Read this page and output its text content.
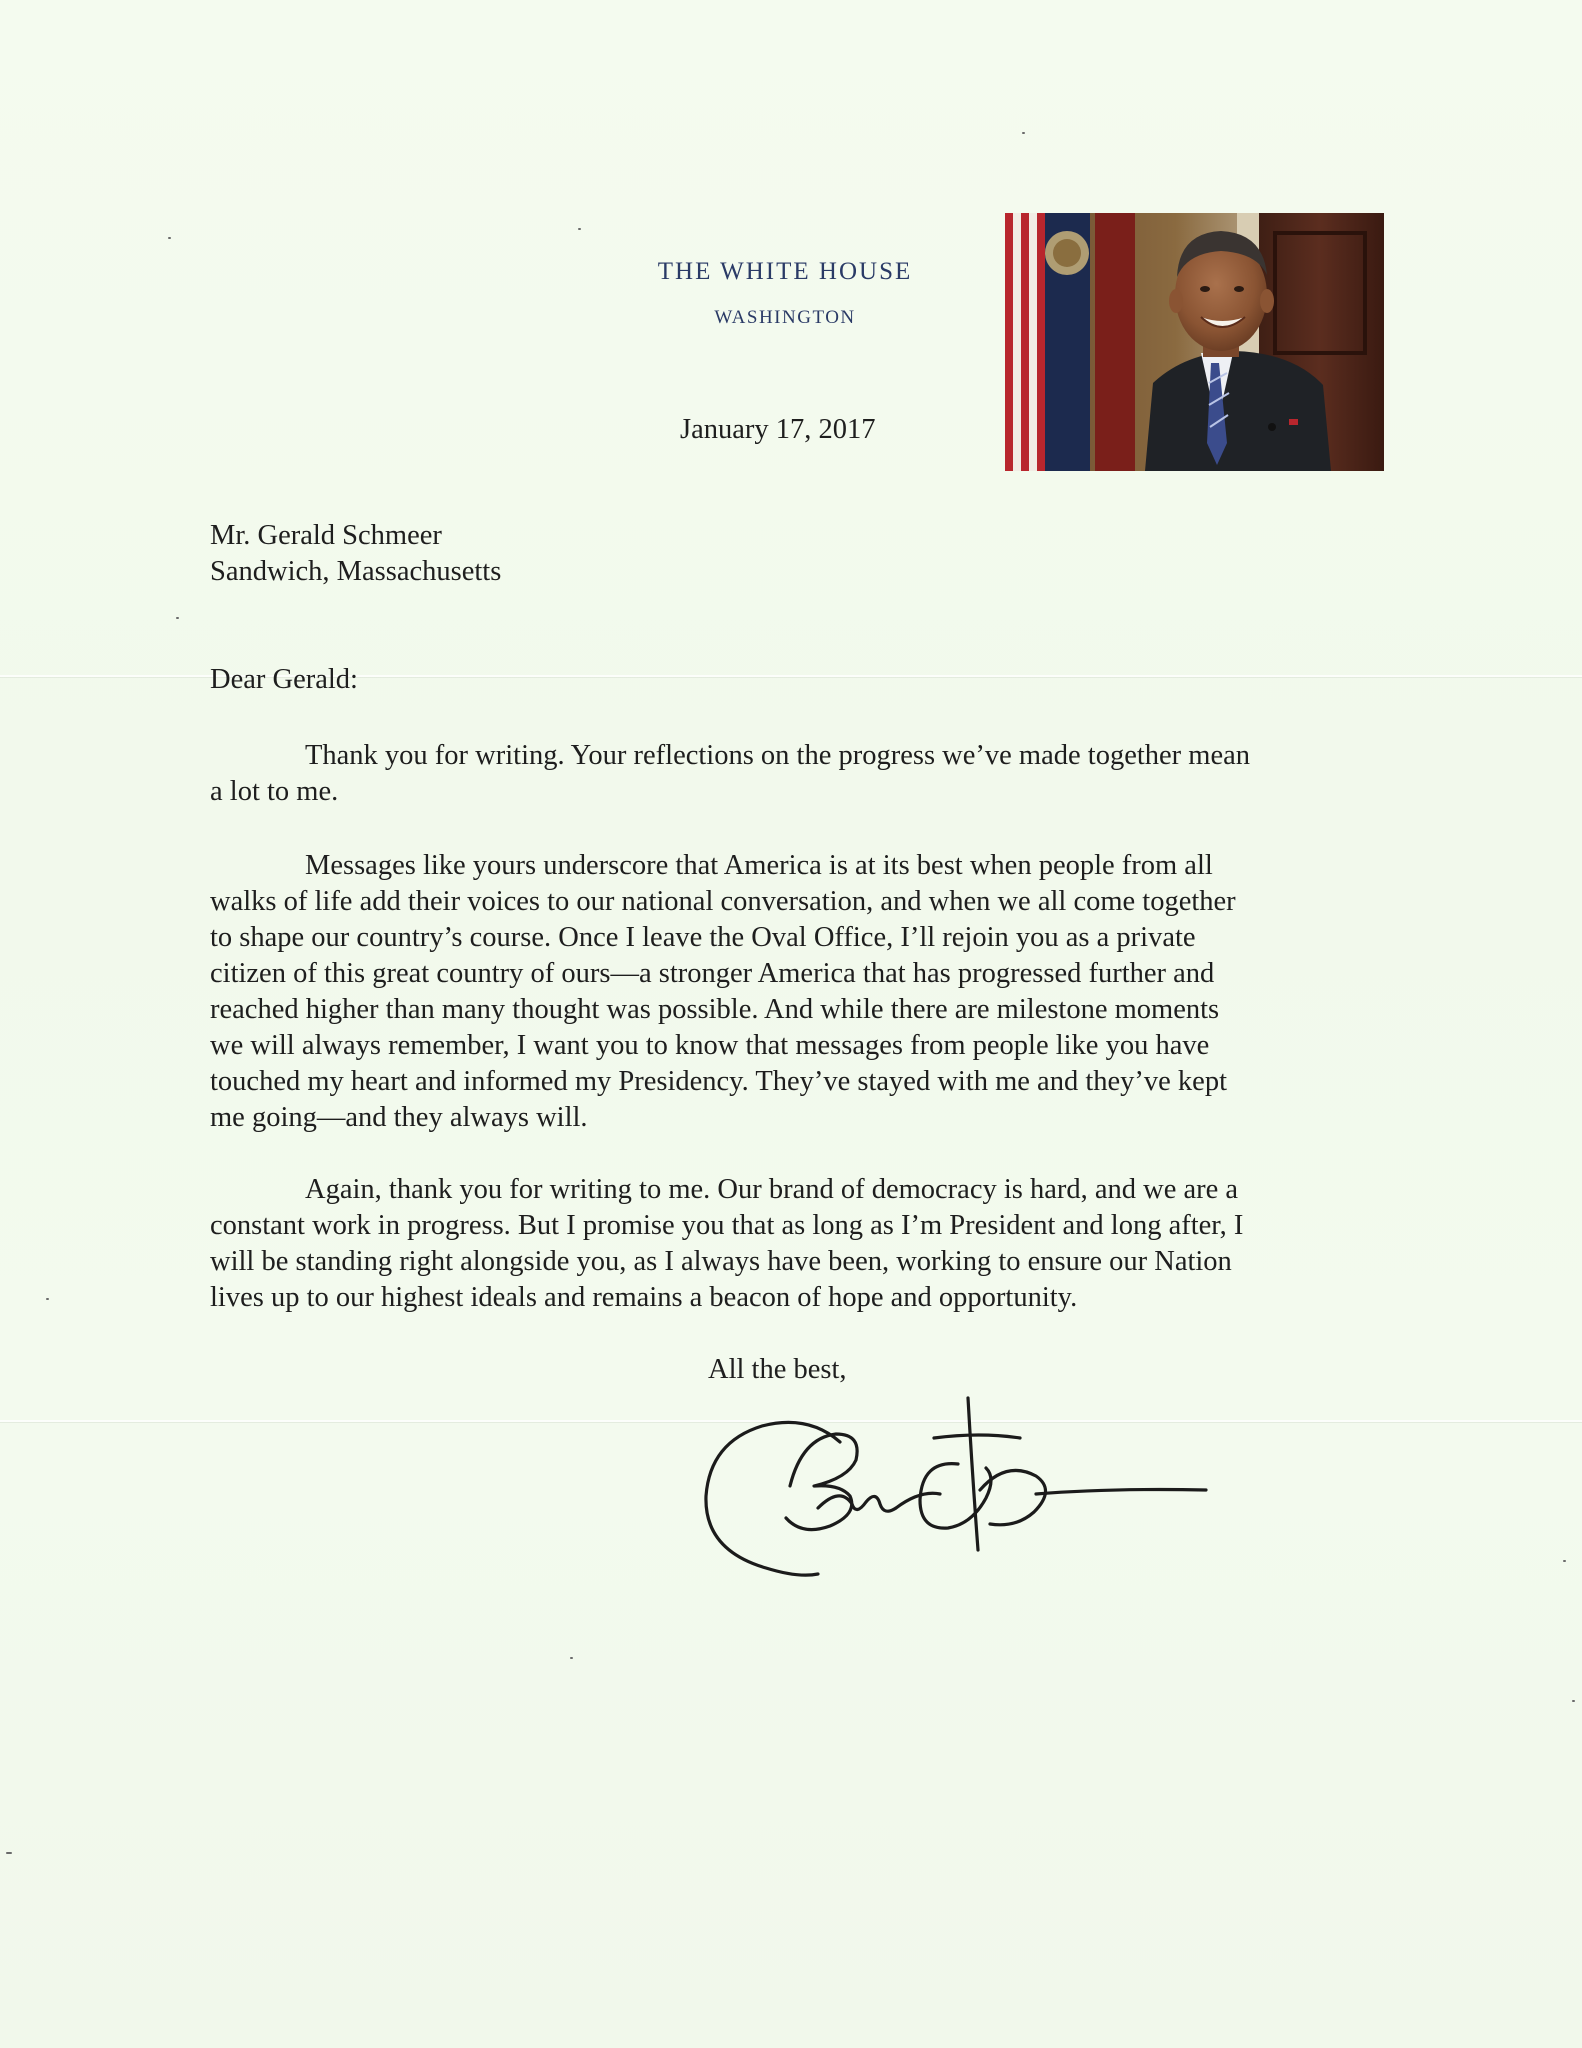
THE WHITE HOUSE
WASHINGTON
January 17, 2017
Mr. Gerald Schmeer
Sandwich, Massachusetts
Dear Gerald:
Thank you for writing. Your reflections on the progress we’ve made together mean
a lot to me.
Messages like yours underscore that America is at its best when people from all
walks of life add their voices to our national conversation, and when we all come together
to shape our country’s course. Once I leave the Oval Office, I’ll rejoin you as a private
citizen of this great country of ours—a stronger America that has progressed further and
reached higher than many thought was possible. And while there are milestone moments
we will always remember, I want you to know that messages from people like you have
touched my heart and informed my Presidency. They’ve stayed with me and they’ve kept
me going—and they always will.
Again, thank you for writing to me. Our brand of democracy is hard, and we are a
constant work in progress. But I promise you that as long as I’m President and long after, I
will be standing right alongside you, as I always have been, working to ensure our Nation
lives up to our highest ideals and remains a beacon of hope and opportunity.
All the best,
